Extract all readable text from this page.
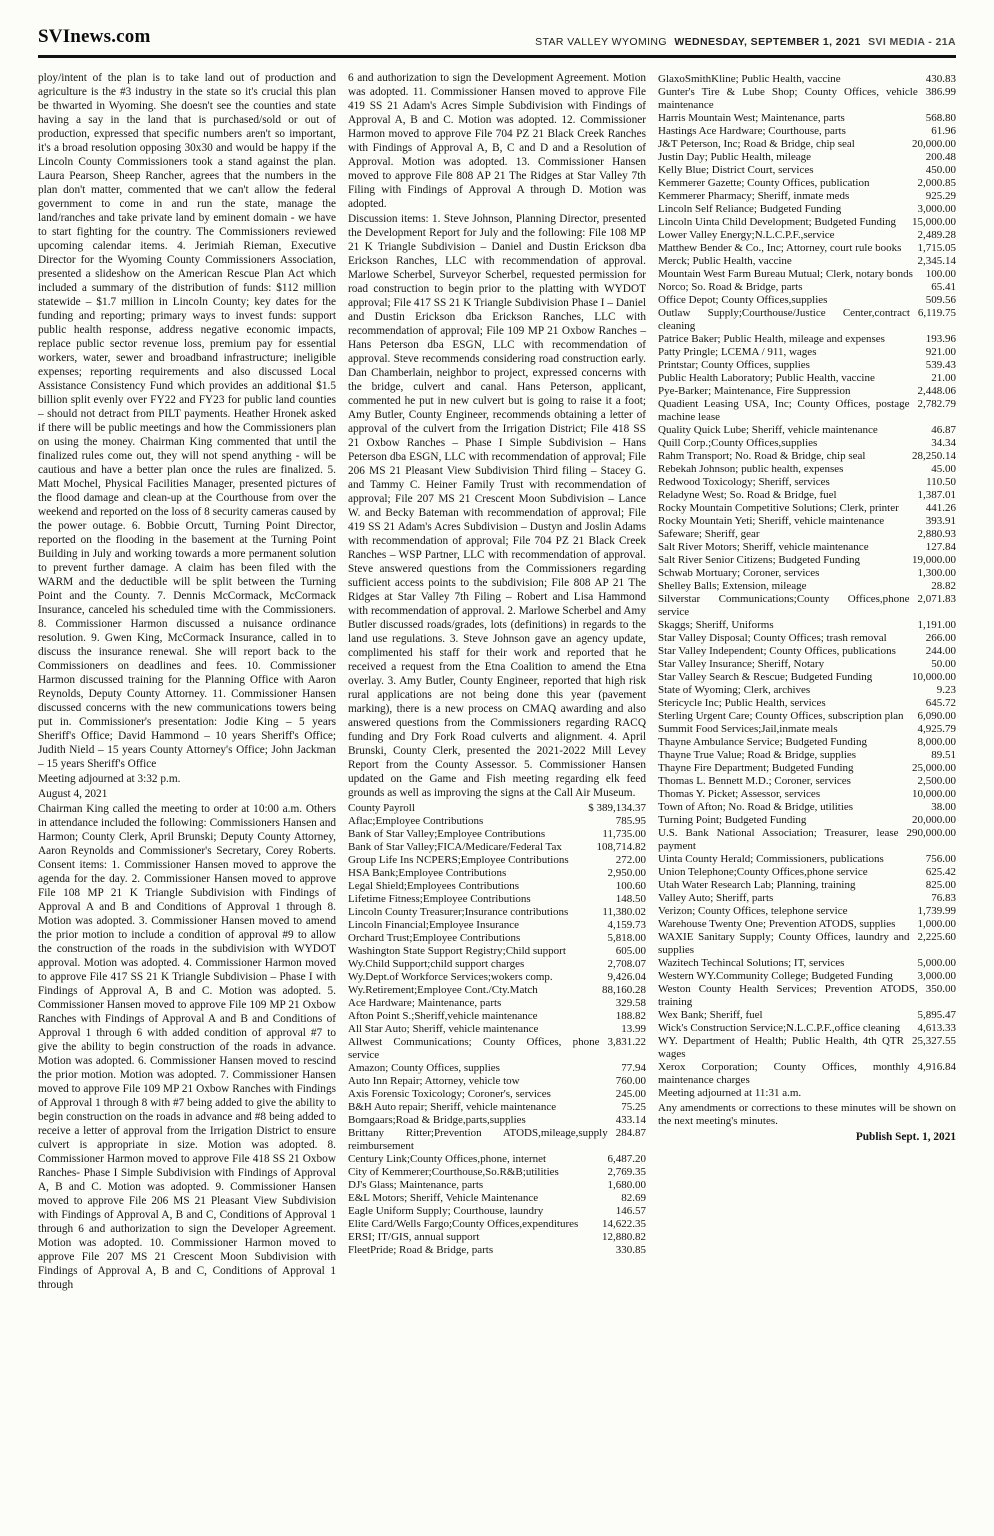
SVInews.com	STAR VALLEY WYOMING WEDNESDAY, SEPTEMBER 1, 2021 SVI MEDIA - 21A

ploy/intent of the plan is to take land out of production and agriculture is the #3 industry in the state so it's crucial this plan be thwarted in Wyoming. She doesn't see the counties and state having a say in the land that is purchased/sold or out of production, expressed that specific numbers aren't so important, it's a broad resolution opposing 30x30 and would be happy if the Lincoln County Commissioners took a stand against the plan. Laura Pearson, Sheep Rancher, agrees that the numbers in the plan don't matter, commented that we can't allow the federal government to come in and run the state, manage the land/ranches and take private land by eminent domain - we have to start fighting for the country. The Commissioners reviewed upcoming calendar items. 4. Jerimiah Rieman, Executive Director for the Wyoming County Commissioners Association, presented a slideshow on the American Rescue Plan Act which included a summary of the distribution of funds: $112 million statewide – $1.7 million in Lincoln County; key dates for the funding and reporting; primary ways to invest funds: support public health response, address negative economic impacts, replace public sector revenue loss, premium pay for essential workers, water, sewer and broadband infrastructure; ineligible expenses; reporting requirements and also discussed Local Assistance Consistency Fund which provides an additional $1.5 billion split evenly over FY22 and FY23 for public land counties – should not detract from PILT payments. Heather Hronek asked if there will be public meetings and how the Commissioners plan on using the money. Chairman King commented that until the finalized rules come out, they will not spend anything - will be cautious and have a better plan once the rules are finalized. 5. Matt Mochel, Physical Facilities Manager, presented pictures of the flood damage and clean-up at the Courthouse from over the weekend and reported on the loss of 8 security cameras caused by the power outage. 6. Bobbie Orcutt, Turning Point Director, reported on the flooding in the basement at the Turning Point Building in July and working towards a more permanent solution to prevent further damage. A claim has been filed with the WARM and the deductible will be split between the Turning Point and the County. 7. Dennis McCormack, McCormack Insurance, canceled his scheduled time with the Commissioners. 8. Commissioner Harmon discussed a nuisance ordinance resolution. 9. Gwen King, McCormack Insurance, called in to discuss the insurance renewal. She will report back to the Commissioners on deadlines and fees. 10. Commissioner Harmon discussed training for the Planning Office with Aaron Reynolds, Deputy County Attorney. 11. Commissioner Hansen discussed concerns with the new communications towers being put in. Commissioner's presentation: Jodie King – 5 years Sheriff's Office; David Hammond – 10 years Sheriff's Office; Judith Nield – 15 years County Attorney's Office; John Jackman – 15 years Sheriff's Office

Meeting adjourned at 3:32 p.m.

August 4, 2021

Chairman King called the meeting to order at 10:00 a.m. Others in attendance included the following: Commissioners Hansen and Harmon; County Clerk, April Brunski; Deputy County Attorney, Aaron Reynolds and Commissioner's Secretary, Corey Roberts. Consent items: 1. Commissioner Hansen moved to approve the agenda for the day. 2. Commissioner Hansen moved to approve File 108 MP 21 K Triangle Subdivision with Findings of Approval A and B and Conditions of Approval 1 through 8. Motion was adopted. 3. Commissioner Hansen moved to amend the prior motion to include a condition of approval #9 to allow the construction of the roads in the subdivision with WYDOT approval. Motion was adopted. 4. Commissioner Harmon moved to approve File 417 SS 21 K Triangle Subdivision – Phase I with Findings of Approval A, B and C. Motion was adopted. 5. Commissioner Hansen moved to approve File 109 MP 21 Oxbow Ranches with Findings of Approval A and B and Conditions of Approval 1 through 6 with added condition of approval #7 to give the ability to begin construction of the roads in advance. Motion was adopted. 6. Commissioner Hansen moved to rescind the prior motion. Motion was adopted. 7. Commissioner Hansen moved to approve File 109 MP 21 Oxbow Ranches with Findings of Approval 1 through 8 with #7 being added to give the ability to begin construction on the roads in advance and #8 being added to receive a letter of approval from the Irrigation District to ensure culvert is appropriate in size. Motion was adopted. 8. Commissioner Harmon moved to approve File 418 SS 21 Oxbow Ranches- Phase I Simple Subdivision with Findings of Approval A, B and C. Motion was adopted. 9. Commissioner Hansen moved to approve File 206 MS 21 Pleasant View Subdivision with Findings of Approval A, B and C, Conditions of Approval 1 through 6 and authorization to sign the Developer Agreement. Motion was adopted. 10. Commissioner Harmon moved to approve File 207 MS 21 Crescent Moon Subdivision with Findings of Approval A, B and C, Conditions of Approval 1 through

6 and authorization to sign the Development Agreement. Motion was adopted. 11. Commissioner Hansen moved to approve File 419 SS 21 Adam's Acres Simple Subdivision with Findings of Approval A, B and C. Motion was adopted. 12. Commissioner Harmon moved to approve File 704 PZ 21 Black Creek Ranches with Findings of Approval A, B, C and D and a Resolution of Approval. Motion was adopted. 13. Commissioner Hansen moved to approve File 808 AP 21 The Ridges at Star Valley 7th Filing with Findings of Approval A through D. Motion was adopted.

Discussion items: 1. Steve Johnson, Planning Director, presented the Development Report for July and the following: File 108 MP 21 K Triangle Subdivision – Daniel and Dustin Erickson dba Erickson Ranches, LLC with recommendation of approval. Marlowe Scherbel, Surveyor Scherbel, requested permission for road construction to begin prior to the platting with WYDOT approval; File 417 SS 21 K Triangle Subdivision Phase I – Daniel and Dustin Erickson dba Erickson Ranches, LLC with recommendation of approval; File 109 MP 21 Oxbow Ranches – Hans Peterson dba ESGN, LLC with recommendation of approval. Steve recommends considering road construction early. Dan Chamberlain, neighbor to project, expressed concerns with the bridge, culvert and canal. Hans Peterson, applicant, commented he put in new culvert but is going to raise it a foot; Amy Butler, County Engineer, recommends obtaining a letter of approval of the culvert from the Irrigation District; File 418 SS 21 Oxbow Ranches – Phase I Simple Subdivision – Hans Peterson dba ESGN, LLC with recommendation of approval; File 206 MS 21 Pleasant View Subdivision Third filing – Stacey G. and Tammy C. Heiner Family Trust with recommendation of approval; File 207 MS 21 Crescent Moon Subdivision – Lance W. and Becky Bateman with recommendation of approval; File 419 SS 21 Adam's Acres Subdivision – Dustyn and Joslin Adams with recommendation of approval; File 704 PZ 21 Black Creek Ranches – WSP Partner, LLC with recommendation of approval. Steve answered questions from the Commissioners regarding sufficient access points to the subdivision; File 808 AP 21 The Ridges at Star Valley 7th Filing – Robert and Lisa Hammond with recommendation of approval. 2. Marlowe Scherbel and Amy Butler discussed roads/grades, lots (definitions) in regards to the land use regulations. 3. Steve Johnson gave an agency update, complimented his staff for their work and reported that he received a request from the Etna Coalition to amend the Etna overlay. 3. Amy Butler, County Engineer, reported that high risk rural applications are not being done this year (pavement marking), there is a new process on CMAQ awarding and also answered questions from the Commissioners regarding RACQ funding and Dry Fork Road culverts and alignment. 4. April Brunski, County Clerk, presented the 2021-2022 Mill Levey Report from the County Assessor. 5. Commissioner Hansen updated on the Game and Fish meeting regarding elk feed grounds as well as improving the signs at the Call Air Museum.

County Payroll	$ 389,134.37
Aflac;Employee Contributions	785.95
Bank of Star Valley;Employee Contributions	11,735.00
Bank of Star Valley;FICA/Medicare/Federal Tax	108,714.82
Group Life Ins NCPERS;Employee Contributions	272.00
HSA Bank;Employee Contributions	2,950.00
Legal Shield;Employees Contributions	100.60
Lifetime Fitness;Employee Contributions	148.50
Lincoln County Treasurer;Insurance contributions	11,380.02
Lincoln Financial;Employee Insurance	4,159.73
Orchard Trust;Employee Contributions	5,818.00
Washington State Support Registry;Child support	605.00
Wy.Child Support;child support charges	2,708.07
Wy.Dept.of Workforce Services;wokers comp.	9,426.04
Wy.Retirement;Employee Cont./Cty.Match	88,160.28
Ace Hardware; Maintenance, parts	329.58
Afton Point S.;Sheriff,vehicle maintenance	188.82
All Star Auto; Sheriff, vehicle maintenance	13.99
Allwest Communications; County Offices, phone service
3,831.22
Amazon; County Offices, supplies	77.94
Auto Inn Repair; Attorney, vehicle tow	760.00
Axis Forensic Toxicology; Coroner's, services	245.00
B&H Auto repair; Sheriff, vehicle maintenance	75.25
Bomgaars;Road & Bridge,parts,supplies	433.14
Brittany Ritter;Prevention ATODS,mileage,supply reimbursement
284.87
Century Link;County Offices,phone, internet	6,487.20
City of Kemmerer;Courthouse,So.R&B;utilities	2,769.35
DJ's Glass; Maintenance, parts	1,680.00
E&L Motors; Sheriff, Vehicle Maintenance	82.69
Eagle Uniform Supply; Courthouse, laundry	146.57
Elite Card/Wells Fargo;County Offices,expenditures	14,622.35
ERSI; IT/GIS, annual support	12,880.82
FleetPride; Road & Bridge, parts	330.85
GlaxoSmithKline; Public Health, vaccine	430.83
Gunter's Tire & Lube Shop; County Offices, vehicle maintenance
386.99
Harris Mountain West; Maintenance, parts	568.80
Hastings Ace Hardware; Courthouse, parts	61.96
J&T Peterson, Inc; Road & Bridge, chip seal	20,000.00
Justin Day; Public Health, mileage	200.48
Kelly Blue; District Court, services	450.00
Kemmerer Gazette; County Offices, publication	2,000.85
Kemmerer Pharmacy; Sheriff, inmate meds	925.29
Lincoln Self Reliance; Budgeted Funding	3,000.00
Lincoln Uinta Child Development; Budgeted Funding	15,000.00
Lower Valley Energy;N.L.C.P.F.,service	2,489.28
Matthew Bender & Co., Inc; Attorney, court rule books	1,715.05
Merck; Public Health, vaccine	2,345.14
Mountain West Farm Bureau Mutual; Clerk, notary bonds	100.00
Norco; So. Road & Bridge, parts	65.41
Office Depot; County Offices,supplies	509.56
Outlaw Supply;Courthouse/Justice Center,contract cleaning
6,119.75
Patrice Baker; Public Health, mileage and expenses	193.96
Patty Pringle; LCEMA / 911, wages	921.00
Printstar; County Offices, supplies	539.43
Public Health Laboratory; Public Health, vaccine	21.00
Pye-Barker; Maintenance, Fire Suppression	2,448.06
Quadient Leasing USA, Inc; County Offices, postage machine lease
2,782.79
Quality Quick Lube; Sheriff, vehicle maintenance	46.87
Quill Corp.;County Offices,supplies	34.34
Rahm Transport; No. Road & Bridge, chip seal	28,250.14
Rebekah Johnson; public health, expenses	45.00
Redwood Toxicology; Sheriff, services	110.50
Reladyne West; So. Road & Bridge, fuel	1,387.01
Rocky Mountain Competitive Solutions; Clerk, printer	441.26
Rocky Mountain Yeti; Sheriff, vehicle maintenance	393.91
Safeware; Sheriff, gear	2,880.93
Salt River Motors; Sheriff, vehicle maintenance	127.84
Salt River Senior Citizens; Budgeted Funding	19,000.00
Schwab Mortuary; Coroner, services	1,300.00
Shelley Balls; Extension, mileage	28.82
Silverstar Communications;County Offices,phone service
2,071.83
Skaggs; Sheriff, Uniforms	1,191.00
Star Valley Disposal; County Offices; trash removal	266.00
Star Valley Independent; County Offices, publications	244.00
Star Valley Insurance; Sheriff, Notary	50.00
Star Valley Search & Rescue; Budgeted Funding	10,000.00
State of Wyoming; Clerk, archives	9.23
Stericycle Inc; Public Health, services	645.72
Sterling Urgent Care; County Offices, subscription plan	6,090.00
Summit Food Services;Jail,inmate meals	4,925.79
Thayne Ambulance Service; Budgeted Funding	8,000.00
Thayne True Value; Road & Bridge, supplies	89.51
Thayne Fire Department; Budgeted Funding	25,000.00
Thomas L. Bennett M.D.; Coroner, services	2,500.00
Thomas Y. Picket; Assessor, services	10,000.00
Town of Afton; No. Road & Bridge, utilities	38.00
Turning Point; Budgeted Funding	20,000.00
U.S. Bank National Association; Treasurer, lease payment
290,000.00
Uinta County Herald; Commissioners, publications	756.00
Union Telephone;County Offices,phone service	625.42
Utah Water Research Lab; Planning, training	825.00
Valley Auto; Sheriff, parts	76.83
Verizon; County Offices, telephone service	1,739.99
Warehouse Twenty One; Prevention ATODS, supplies	1,000.00
WAXIE Sanitary Supply; County Offices, laundry and supplies
2,225.60
Wazitech Techincal Solutions; IT, services	5,000.00
Western WY.Community College; Budgeted Funding	3,000.00
Weston County Health Services; Prevention ATODS, training
350.00
Wex Bank; Sheriff, fuel	5,895.47
Wick's Construction Service;N.L.C.P.F.,office cleaning	4,613.33
WY. Department of Health; Public Health, 4th QTR wages
25,327.55
Xerox Corporation; County Offices, monthly maintenance charges
4,916.84

Meeting adjourned at 11:31 a.m.

Any amendments or corrections to these minutes will be shown on the next meeting's minutes.

Publish Sept. 1, 2021
